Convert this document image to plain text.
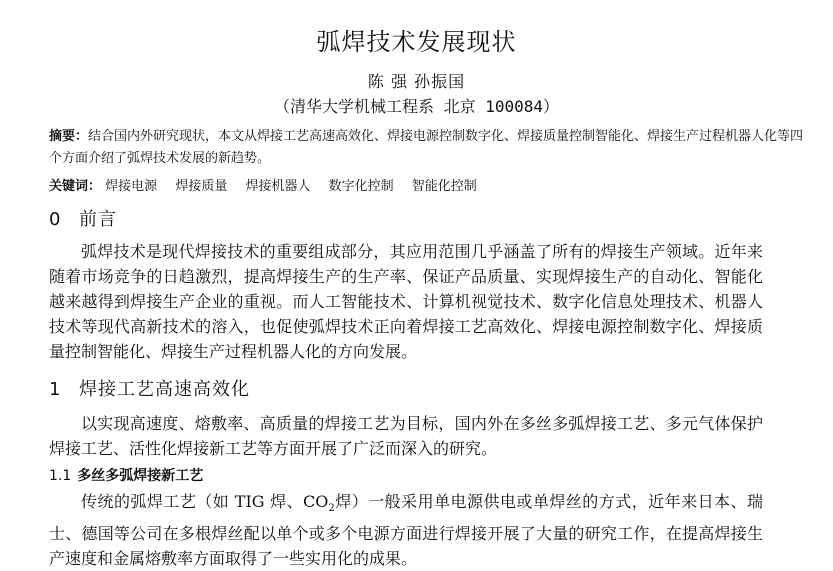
弧焊技术发展现状
陈 强 孙振国
（清华大学机械工程系 北京 100084）
摘要：结合国内外研究现状，本文从焊接工艺高速高效化、焊接电源控制数字化、焊接质量控制智能化、焊接生产过程机器人化等四个方面介绍了弧焊技术发展的新趋势。
关键词： 焊接电源 焊接质量 焊接机器人 数字化控制 智能化控制
0 前言
弧焊技术是现代焊接技术的重要组成部分，其应用范围几乎涵盖了所有的焊接生产领域。近年来随着市场竞争的日趋激烈，提高焊接生产的生产率、保证产品质量、实现焊接生产的自动化、智能化越来越得到焊接生产企业的重视。而人工智能技术、计算机视觉技术、数字化信息处理技术、机器人技术等现代高新技术的溶入，也促使弧焊技术正向着焊接工艺高效化、焊接电源控制数字化、焊接质量控制智能化、焊接生产过程机器人化的方向发展。
1 焊接工艺高速高效化
以实现高速度、熔敷率、高质量的焊接工艺为目标，国内外在多丝多弧焊接工艺、多元气体保护焊接工艺、活性化焊接新工艺等方面开展了广泛而深入的研究。
1.1 多丝多弧焊接新工艺
传统的弧焊工艺（如 TIG 焊、$CO_2$焊）一般采用单电源供电或单焊丝的方式，近年来日本、瑞士、德国等公司在多根焊丝配以单个或多个电源方面进行焊接开展了大量的研究工作，在提高焊接生产速度和金属熔敷率方面取得了一些实用化的成果。
